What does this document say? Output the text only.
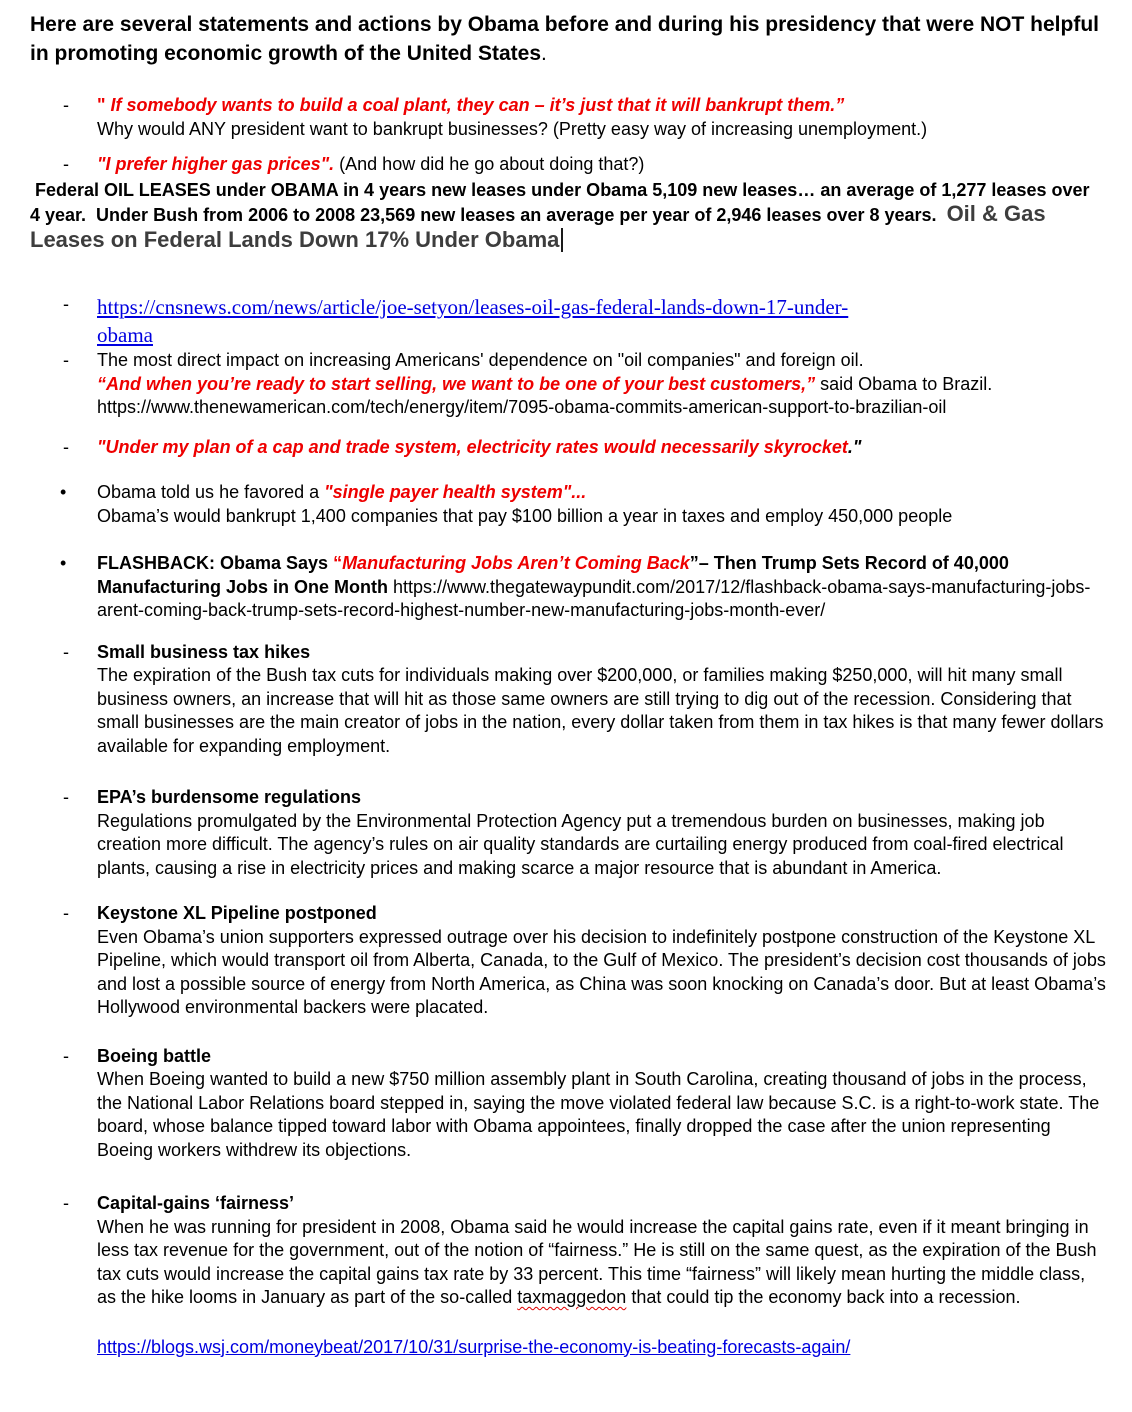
Here are several statements and actions by Obama before and during his presidency that were NOT helpful in promoting economic growth of the United States.
-	" If somebody wants to build a coal plant, they can – it’s just that it will bankrupt them.”
Why would ANY president want to bankrupt businesses? (Pretty easy way of increasing unemployment.)
-	"I prefer higher gas prices". (And how did he go about doing that?)
Federal OIL LEASES under OBAMA in 4 years new leases under Obama 5,109 new leases… an average of 1,277 leases over 4 year.  Under Bush from 2006 to 2008 23,569 new leases an average per year of 2,946 leases over 8 years.  Oil & Gas Leases on Federal Lands Down 17% Under Obama
-	https://cnsnews.com/news/article/joe-setyon/leases-oil-gas-federal-lands-down-17-under-
obama
-	The most direct impact on increasing Americans' dependence on "oil companies" and foreign oil.
“And when you’re ready to start selling, we want to be one of your best customers,” said Obama to Brazil.
https://www.thenewamerican.com/tech/energy/item/7095-obama-commits-american-support-to-brazilian-oil
-	"Under my plan of a cap and trade system, electricity rates would necessarily skyrocket."
•	Obama told us he favored a "single payer health system"...
Obama’s would bankrupt 1,400 companies that pay $100 billion a year in taxes and employ 450,000 people
•	FLASHBACK: Obama Says “Manufacturing Jobs Aren’t Coming Back”– Then Trump Sets Record of 40,000 Manufacturing Jobs in One Month https://www.thegatewaypundit.com/2017/12/flashback-obama-says-manufacturing-jobs-arent-coming-back-trump-sets-record-highest-number-new-manufacturing-jobs-month-ever/
-	Small business tax hikes
The expiration of the Bush tax cuts for individuals making over $200,000, or families making $250,000, will hit many small business owners, an increase that will hit as those same owners are still trying to dig out of the recession. Considering that small businesses are the main creator of jobs in the nation, every dollar taken from them in tax hikes is that many fewer dollars available for expanding employment.
-	EPA’s burdensome regulations
Regulations promulgated by the Environmental Protection Agency put a tremendous burden on businesses, making job creation more difficult. The agency’s rules on air quality standards are curtailing energy produced from coal-fired electrical plants, causing a rise in electricity prices and making scarce a major resource that is abundant in America.
-	Keystone XL Pipeline postponed
Even Obama’s union supporters expressed outrage over his decision to indefinitely postpone construction of the Keystone XL Pipeline, which would transport oil from Alberta, Canada, to the Gulf of Mexico. The president’s decision cost thousands of jobs and lost a possible source of energy from North America, as China was soon knocking on Canada’s door. But at least Obama’s Hollywood environmental backers were placated.
-	Boeing battle
When Boeing wanted to build a new $750 million assembly plant in South Carolina, creating thousand of jobs in the process, the National Labor Relations board stepped in, saying the move violated federal law because S.C. is a right-to-work state. The board, whose balance tipped toward labor with Obama appointees, finally dropped the case after the union representing Boeing workers withdrew its objections.
-	Capital-gains ‘fairness’
When he was running for president in 2008, Obama said he would increase the capital gains rate, even if it meant bringing in less tax revenue for the government, out of the notion of “fairness.” He is still on the same quest, as the expiration of the Bush tax cuts would increase the capital gains tax rate by 33 percent. This time “fairness” will likely mean hurting the middle class, as the hike looms in January as part of the so-called taxmaggedon that could tip the economy back into a recession.
https://blogs.wsj.com/moneybeat/2017/10/31/surprise-the-economy-is-beating-forecasts-again/
